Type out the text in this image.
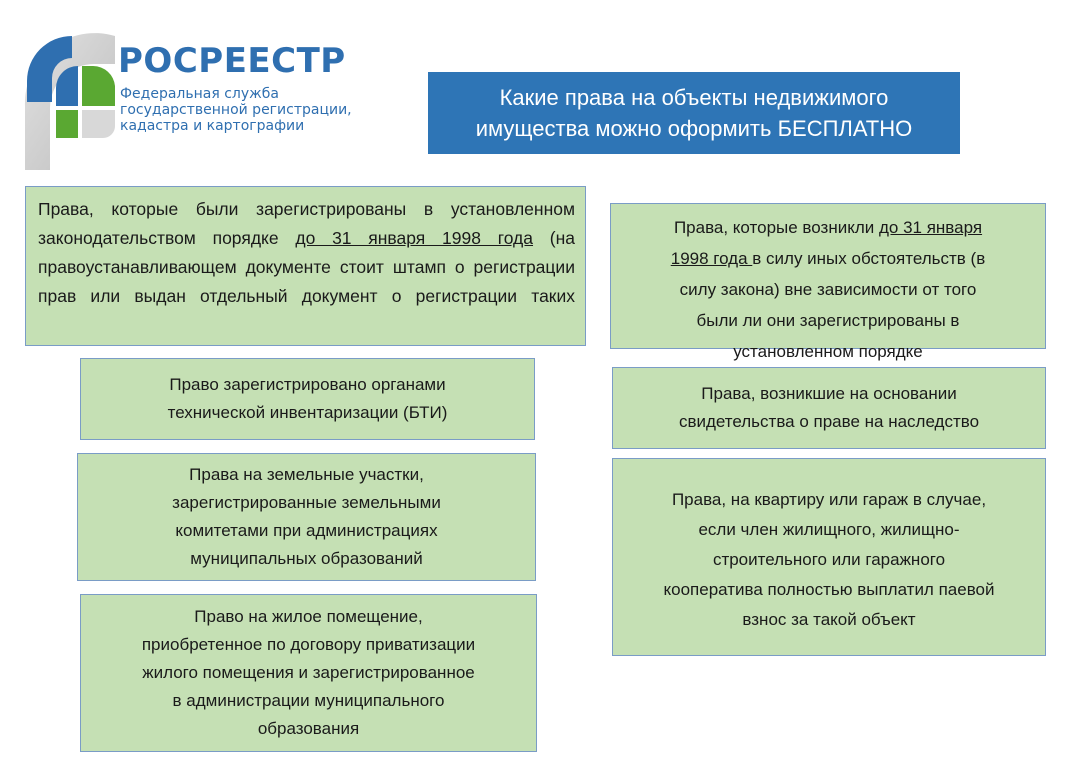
РОСРЕЕСТР
Федеральная служба
государственной регистрации,
кадастра и картографии
Какие права на объекты недвижимого
имущества можно оформить БЕСПЛАТНО
Права, которые были зарегистрированы в установленном законодательством порядке до 31 января 1998 года (на правоустанавливающем документе стоит штамп о регистрации прав или выдан отдельный документ о регистрации таких
Право зарегистрировано органами
технической инвентаризации (БТИ)
Права на земельные участки,
зарегистрированные земельными
комитетами при администрациях
муниципальных образований
Право на жилое помещение,
приобретенное по договору приватизации
жилого помещения и зарегистрированное
в администрации муниципального
образования
Права, которые возникли до 31 января
1998 года в силу иных обстоятельств (в
силу закона) вне зависимости от того
были ли они зарегистрированы в
установленном порядке
Права, возникшие на основании
свидетельства о праве на наследство
Права, на квартиру или гараж в случае,
если член жилищного, жилищно-
строительного или гаражного
кооператива полностью выплатил паевой
взнос за такой объект
